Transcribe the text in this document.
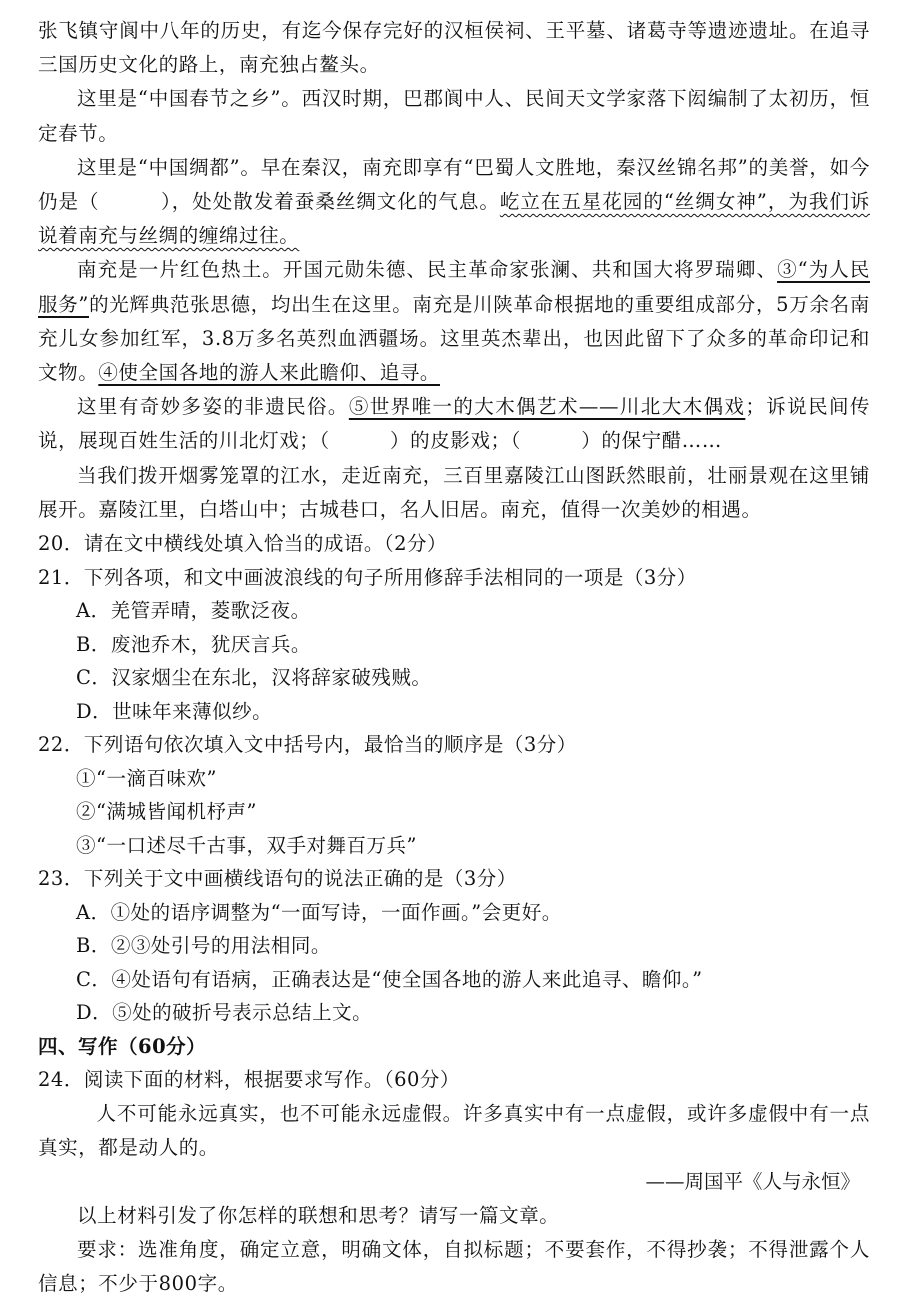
张飞镇守阆中八年的历史，有迄今保存完好的汉桓侯祠、王平墓、诸葛寺等遗迹遗址。在追寻三国历史文化的路上，南充独占鳌头。

这里是“中国春节之乡”。西汉时期，巴郡阆中人、民间天文学家落下闳编制了太初历，恒定春节。

这里是“中国绸都”。早在秦汉，南充即享有“巴蜀人文胜地，秦汉丝锦名邦”的美誉，如今仍是（　　　），处处散发着蚕桑丝绸文化的气息。屹立在五星花园的“丝绸女神”，为我们诉说着南充与丝绸的缠绵过往。

南充是一片红色热土。开国元勋朱德、民主革命家张澜、共和国大将罗瑞卿、③“为人民服务”的光辉典范张思德，均出生在这里。南充是川陕革命根据地的重要组成部分，5万余名南充儿女参加红军，3.8万多名英烈血洒疆场。这里英杰辈出，也因此留下了众多的革命印记和文物。④使全国各地的游人来此瞻仰、追寻。

这里有奇妙多姿的非遗民俗。⑤世界唯一的大木偶艺术——川北大木偶戏；诉说民间传说，展现百姓生活的川北灯戏；（　　　）的皮影戏；（　　　）的保宁醋……

当我们拨开烟雾笼罩的江水，走近南充，三百里嘉陵江山图跃然眼前，壮丽景观在这里铺展开。嘉陵江里，白塔山中；古城巷口，名人旧居。南充，值得一次美妙的相遇。

20．请在文中横线处填入恰当的成语。（2分）

21．下列各项，和文中画波浪线的句子所用修辞手法相同的一项是（3分）

A．羌管弄晴，菱歌泛夜。

B．废池乔木，犹厌言兵。

C．汉家烟尘在东北，汉将辞家破残贼。

D．世味年来薄似纱。

22．下列语句依次填入文中括号内，最恰当的顺序是（3分）

①“一滴百味欢”

②“满城皆闻机杼声”

③“一口述尽千古事，双手对舞百万兵”

23．下列关于文中画横线语句的说法正确的是（3分）

A．①处的语序调整为“一面写诗，一面作画。”会更好。

B．②③处引号的用法相同。

C．④处语句有语病，正确表达是“使全国各地的游人来此追寻、瞻仰。”

D．⑤处的破折号表示总结上文。

四、写作（60分）

24．阅读下面的材料，根据要求写作。（60分）

人不可能永远真实，也不可能永远虚假。许多真实中有一点虚假，或许多虚假中有一点真实，都是动人的。

——周国平《人与永恒》

以上材料引发了你怎样的联想和思考？请写一篇文章。

要求：选准角度，确定立意，明确文体，自拟标题；不要套作，不得抄袭；不得泄露个人信息；不少于800字。
